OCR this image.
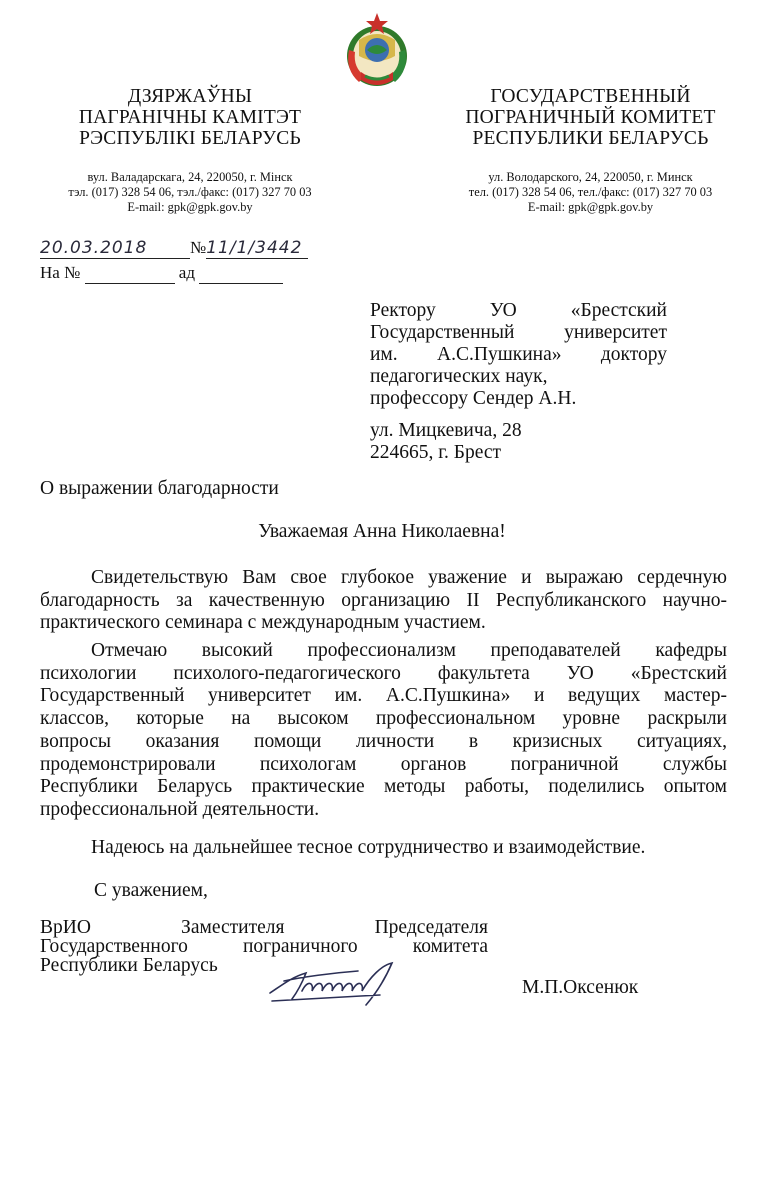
ДЗЯРЖАЎНЫ
ПАГРАНІЧНЫ КАМІТЭТ
РЭСПУБЛІКІ БЕЛАРУСЬ
ГОСУДАРСТВЕННЫЙ
ПОГРАНИЧНЫЙ КОМИТЕТ
РЕСПУБЛИКИ БЕЛАРУСЬ
вул. Валадарскага, 24, 220050, г. Мінск
тэл. (017) 328 54 06, тэл./факс: (017) 327 70 03
E-mail: gpk@gpk.gov.by
ул. Володарского, 24, 220050, г. Минск
тел. (017) 328 54 06, тел./факс: (017) 327 70 03
E-mail: gpk@gpk.gov.by
20.03.2018	№11/1/3442
На №	ад

Ректору УО «Брестский

Государственный университет

им. А.С.Пушкина» доктору

педагогических наук,

профессору Сендер А.Н.

ул. Мицкевича, 28

224665, г. Брест

О выражении благодарности
Уважаемая Анна Николаевна!
Свидетельствую Вам свое глубокое уважение и выражаю сердечную
благодарность за качественную организацию II Республиканского научно-
практического семинара с международным участием.
Отмечаю высокий профессионализм преподавателей кафедры
психологии психолого-педагогического факультета УО «Брестский
Государственный университет им. А.С.Пушкина» и ведущих мастер-
классов, которые на высоком профессиональном уровне раскрыли
вопросы оказания помощи личности в кризисных ситуациях,
продемонстрировали психологам органов пограничной службы
Республики Беларусь практические методы работы, поделились опытом
профессиональной деятельности.
Надеюсь на дальнейшее тесное сотрудничество и взаимодействие.
С уважением,
ВрИО Заместителя Председателя
Государственного пограничного комитета
Республики Беларусь
М.П.Оксенюк
